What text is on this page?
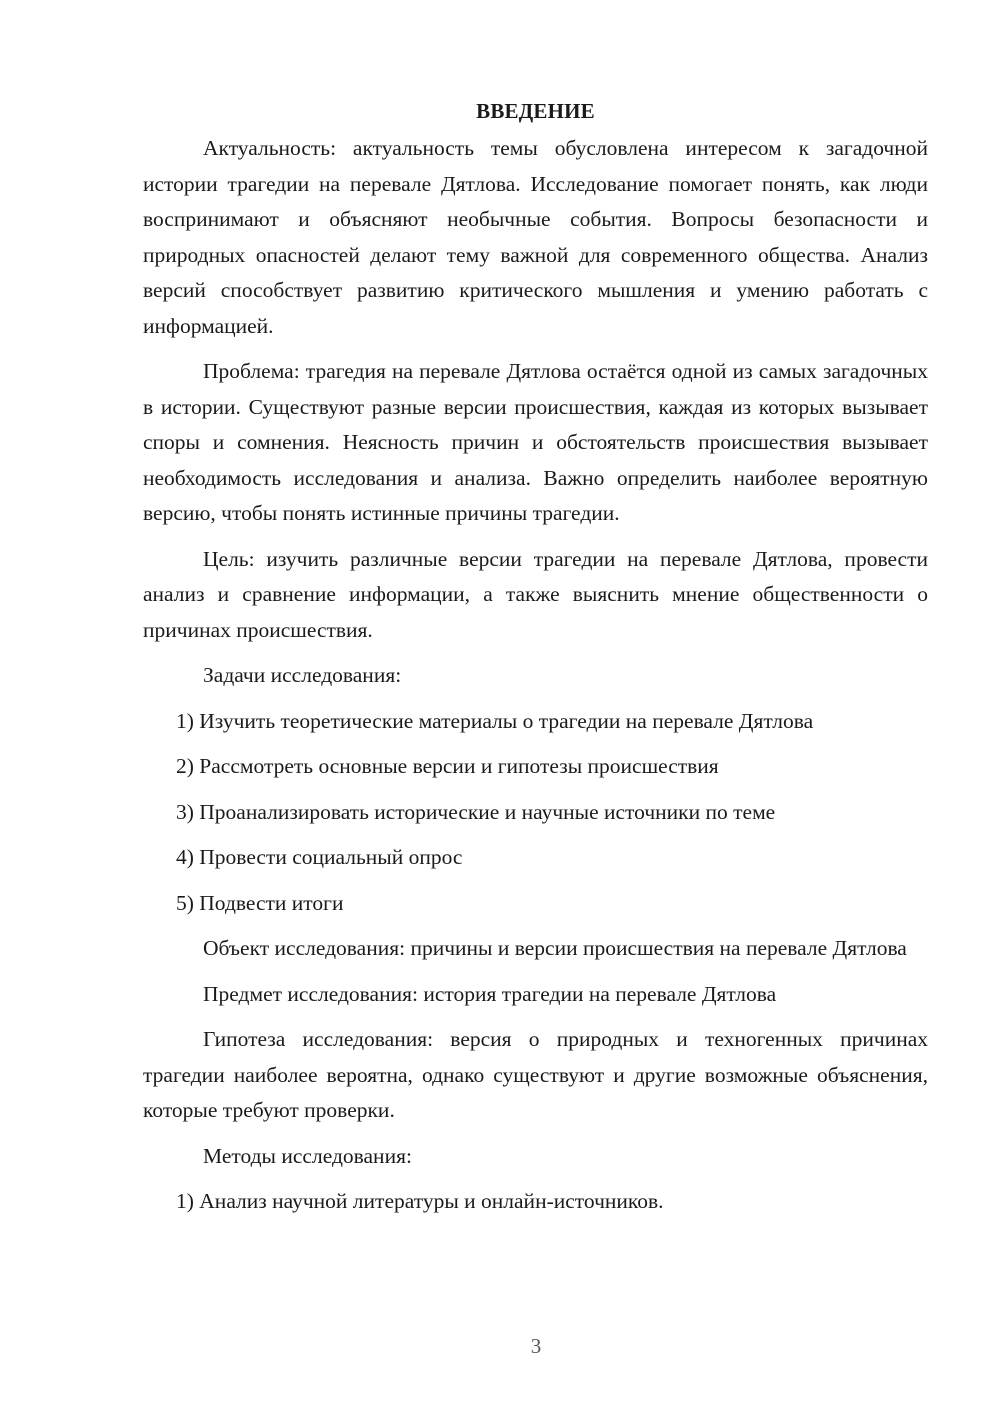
ВВЕДЕНИЕ

Актуальность: актуальность темы обусловлена интересом к загадочной истории трагедии на перевале Дятлова. Исследование помогает понять, как люди воспринимают и объясняют необычные события. Вопросы безопасности и природных опасностей делают тему важной для современного общества. Анализ версий способствует развитию критического мышления и умению работать с информацией.

Проблема: трагедия на перевале Дятлова остаётся одной из самых загадочных в истории. Существуют разные версии происшествия, каждая из которых вызывает споры и сомнения. Неясность причин и обстоятельств происшествия вызывает необходимость исследования и анализа. Важно определить наиболее вероятную версию, чтобы понять истинные причины трагедии.

Цель: изучить различные версии трагедии на перевале Дятлова, провести анализ и сравнение информации, а также выяснить мнение общественности о причинах происшествия.

Задачи исследования:

1) Изучить теоретические материалы о трагедии на перевале Дятлова

2) Рассмотреть основные версии и гипотезы происшествия

3) Проанализировать исторические и научные источники по теме

4) Провести социальный опрос

5) Подвести итоги

Объект исследования: причины и версии происшествия на перевале Дятлова

Предмет исследования: история трагедии на перевале Дятлова

Гипотеза исследования: версия о природных и техногенных причинах трагедии наиболее вероятна, однако существуют и другие возможные объяснения, которые требуют проверки.

Методы исследования:

1) Анализ научной литературы и онлайн-источников.

3
